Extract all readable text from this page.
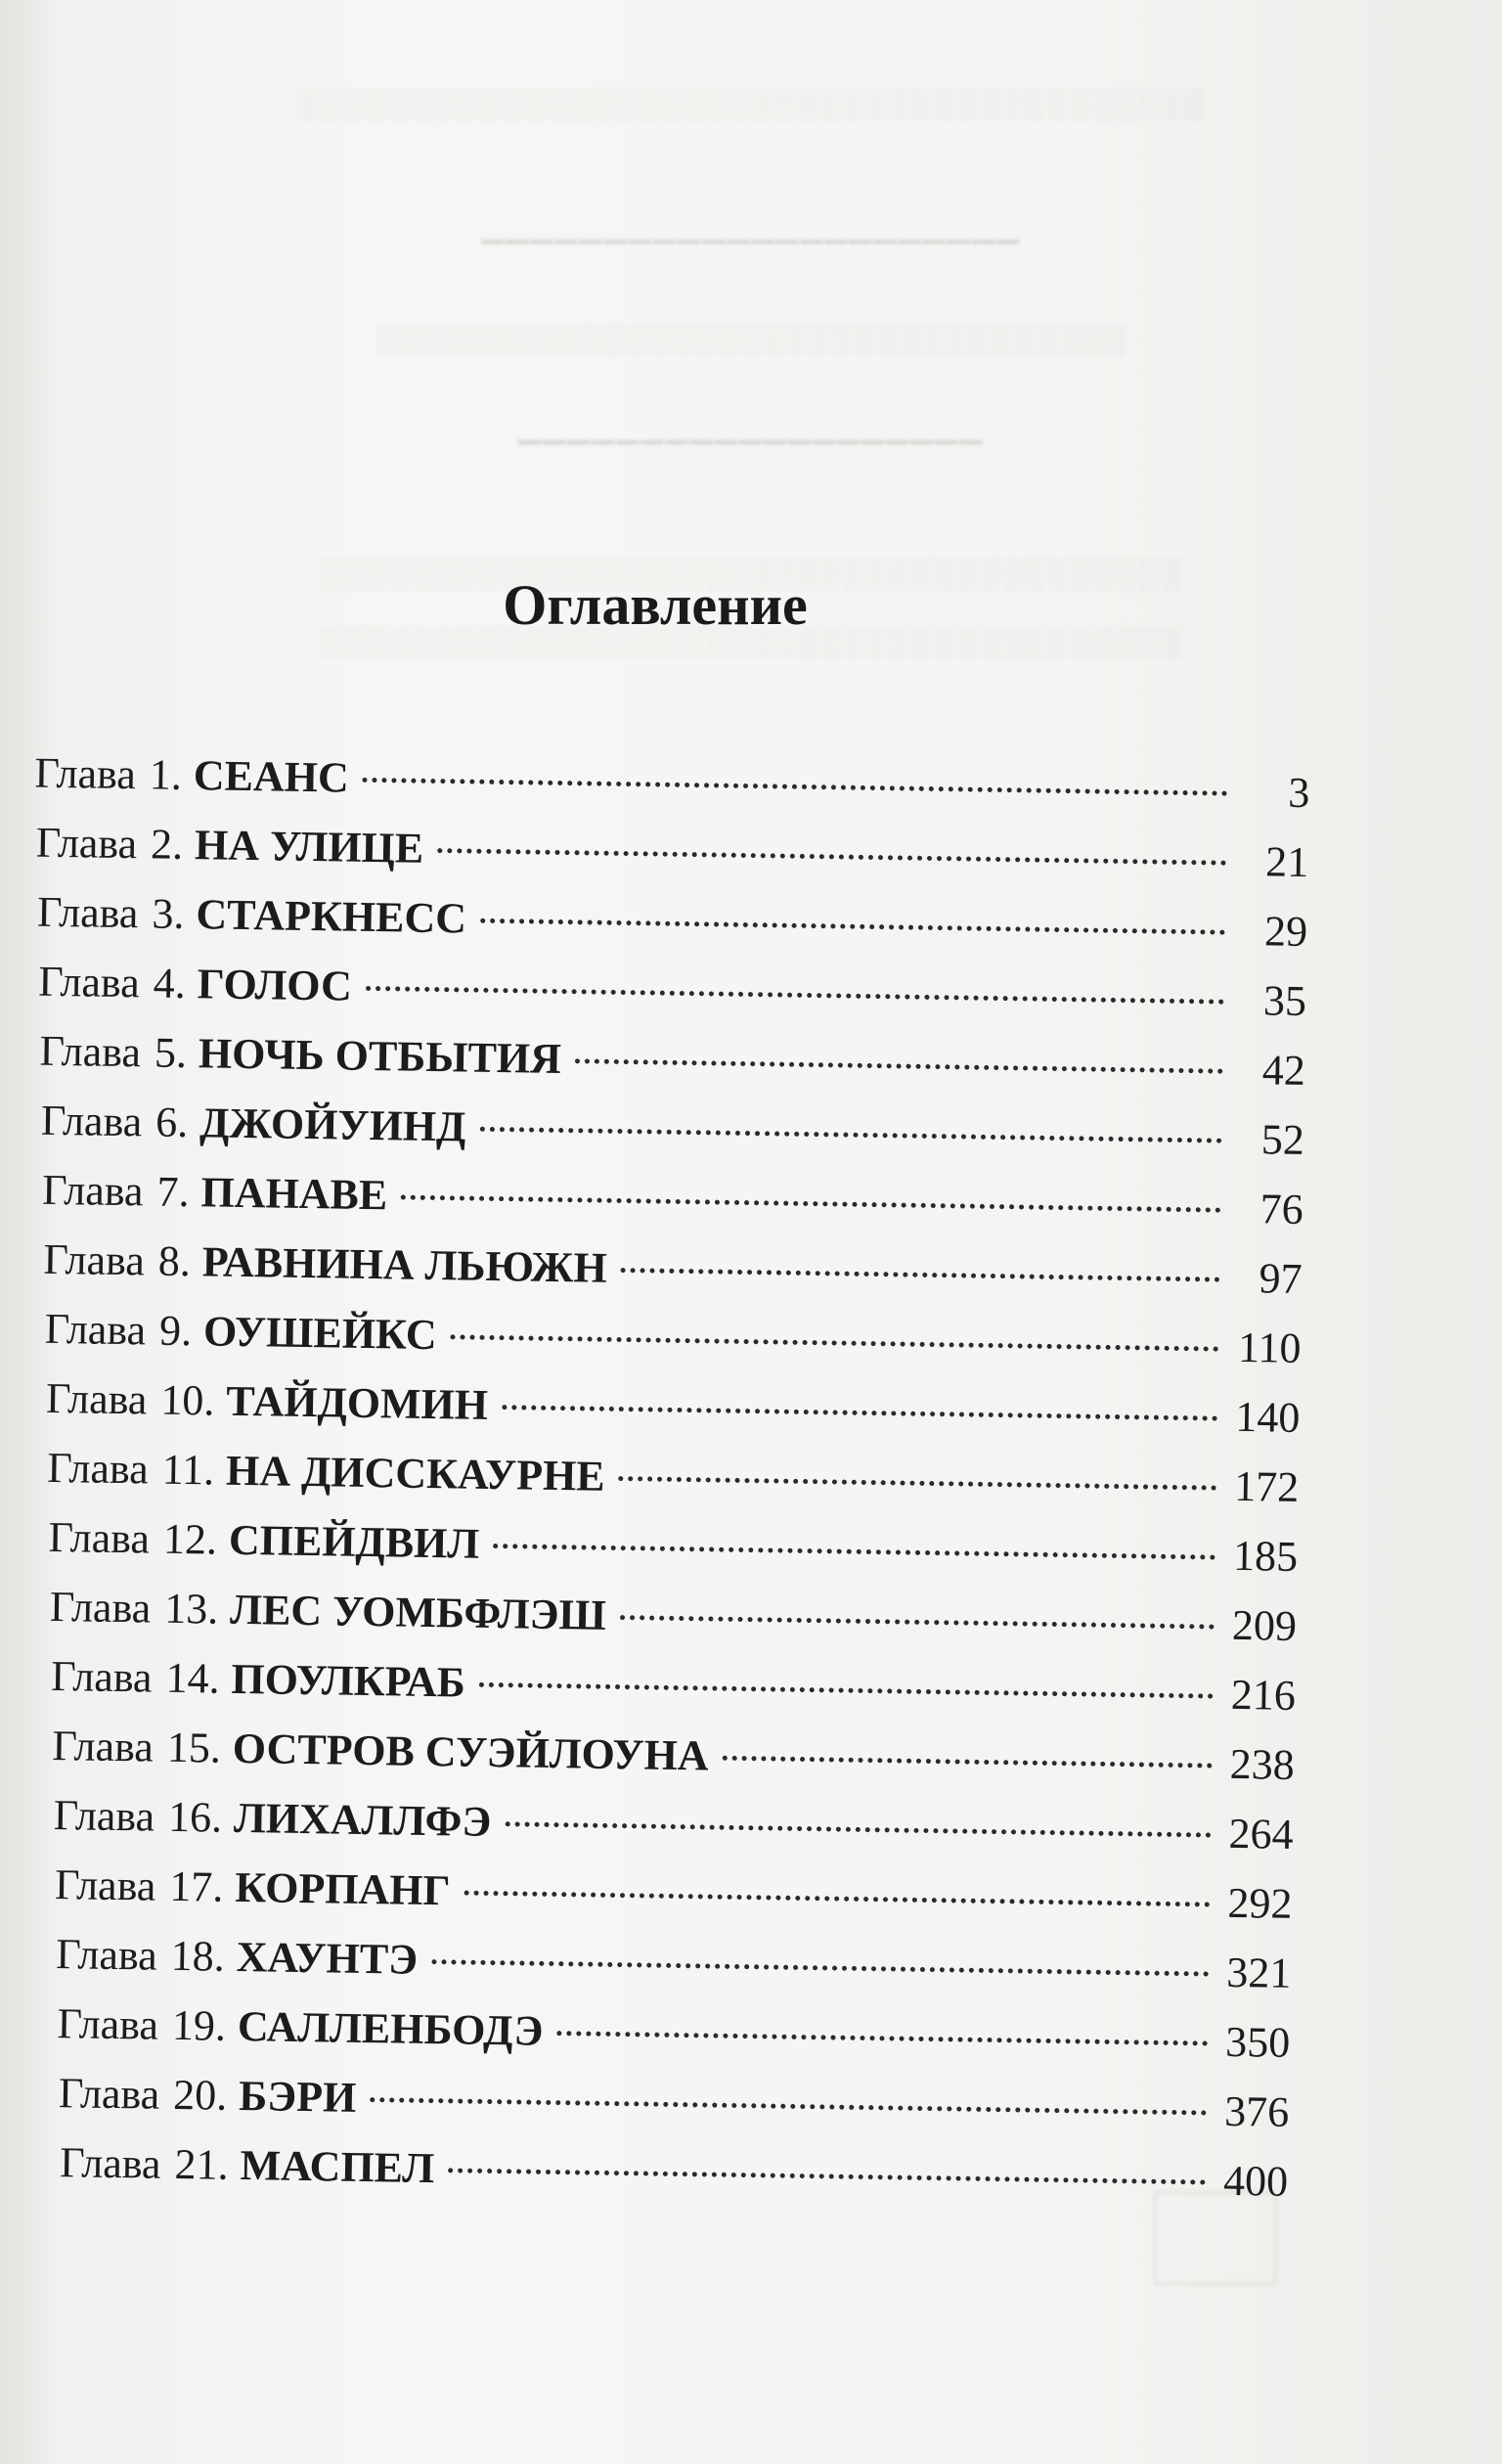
░░░░░░░░░░░░░░░░░░░░░░░░░░░░░░░░░░░░░░░░
▁▁▁▁▁▁▁▁▁▁▁▁▁▁▁▁▁▁▁▁▁▁
░░░░░░░░░░░░░░░░░░░░░░░░░░░░░░░░░
▁▁▁▁▁▁▁▁▁▁▁▁▁▁▁▁▁▁▁
░░░░░░░░░░░░░░░░░░░░░░░░░░░░░░░░░░░░░░
░░░░░░░░░░░░░░░░░░░░░░░░░░░░░░░░░░░░░░
Оглавление
Глава 1. СЕАНС	3
Глава 2. НА УЛИЦЕ	21
Глава 3. СТАРКНЕСС	29
Глава 4. ГОЛОС	35
Глава 5. НОЧЬ ОТБЫТИЯ	42
Глава 6. ДЖОЙУИНД	52
Глава 7. ПАНАВЕ	76
Глава 8. РАВНИНА ЛЬЮЖН	97
Глава 9. ОУШЕЙКС	110
Глава 10. ТАЙДОМИН	140
Глава 11. НА ДИССКАУРНЕ	172
Глава 12. СПЕЙДВИЛ	185
Глава 13. ЛЕС УОМБФЛЭШ	209
Глава 14. ПОУЛКРАБ	216
Глава 15. ОСТРОВ СУЭЙЛОУНА	238
Глава 16. ЛИХАЛЛФЭ	264
Глава 17. КОРПАНГ	292
Глава 18. ХАУНТЭ	321
Глава 19. САЛЛЕНБОДЭ	350
Глава 20. БЭРИ	376
Глава 21. МАСПЕЛ	400
